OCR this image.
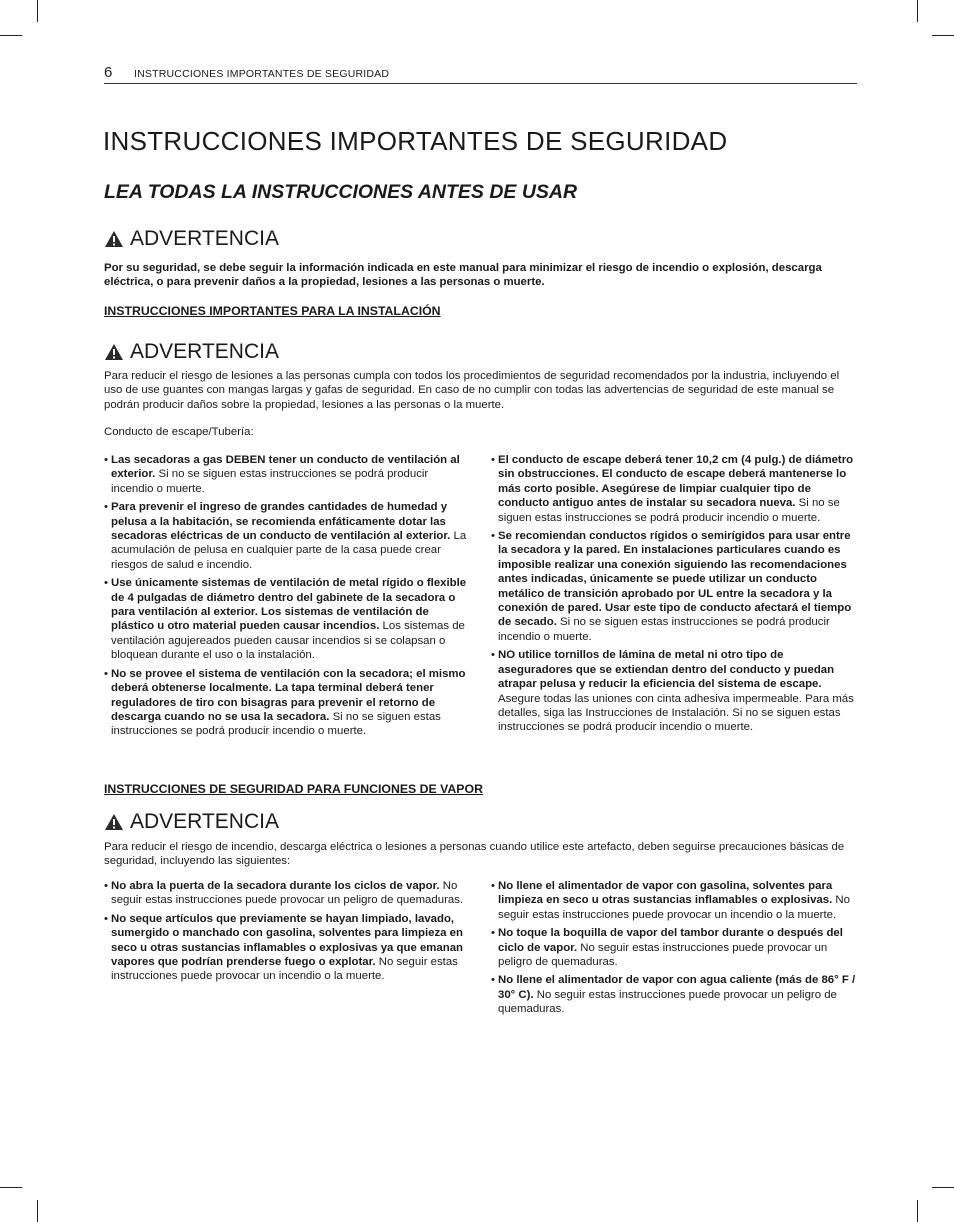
6 INSTRUCCIONES IMPORTANTES DE SEGURIDAD
INSTRUCCIONES IMPORTANTES DE SEGURIDAD
LEA TODAS LA INSTRUCCIONES ANTES DE USAR
ADVERTENCIA

Por su seguridad, se debe seguir la información indicada en este manual para minimizar el riesgo de incendio o explosión, descarga eléctrica, o para prevenir daños a la propiedad, lesiones a las personas o muerte.

INSTRUCCIONES IMPORTANTES PARA LA INSTALACIÓN
ADVERTENCIA

Para reducir el riesgo de lesiones a las personas cumpla con todos los procedimientos de seguridad recomendados por la industria, incluyendo el uso de use guantes con mangas largas y gafas de seguridad. En caso de no cumplir con todas las advertencias de seguridad de este manual se podrán producir daños sobre la propiedad, lesiones a las personas o la muerte.

Conducto de escape/Tubería:

• Las secadoras a gas DEBEN tener un conducto de ventilación al exterior. Si no se siguen estas instrucciones se podrá producir incendio o muerte.
• Para prevenir el ingreso de grandes cantidades de humedad y pelusa a la habitación, se recomienda enfáticamente dotar las secadoras eléctricas de un conducto de ventilación al exterior. La acumulación de pelusa en cualquier parte de la casa puede crear riesgos de salud e incendio.
• Use únicamente sistemas de ventilación de metal rígido o flexible de 4 pulgadas de diámetro dentro del gabinete de la secadora o para ventilación al exterior. Los sistemas de ventilación de plástico u otro material pueden causar incendios. Los sistemas de ventilación agujereados pueden causar incendios si se colapsan o bloquean durante el uso o la instalación.
• No se provee el sistema de ventilación con la secadora; el mismo deberá obtenerse localmente. La tapa terminal deberá tener reguladores de tiro con bisagras para prevenir el retorno de descarga cuando no se usa la secadora. Si no se siguen estas instrucciones se podrá producir incendio o muerte.
• El conducto de escape deberá tener 10,2 cm (4 pulg.) de diámetro sin obstrucciones. El conducto de escape deberá mantenerse lo más corto posible. Asegúrese de limpiar cualquier tipo de conducto antiguo antes de instalar su secadora nueva. Si no se siguen estas instrucciones se podrá producir incendio o muerte.
• Se recomiendan conductos rígidos o semirígidos para usar entre la secadora y la pared. En instalaciones particulares cuando es imposible realizar una conexión siguiendo las recomendaciones antes indicadas, únicamente se puede utilizar un conducto metálico de transición aprobado por UL entre la secadora y la conexión de pared. Usar este tipo de conducto afectará el tiempo de secado. Si no se siguen estas instrucciones se podrá producir incendio o muerte.
• NO utilice tornillos de lámina de metal ni otro tipo de aseguradores que se extiendan dentro del conducto y puedan atrapar pelusa y reducir la eficiencia del sistema de escape. Asegure todas las uniones con cinta adhesiva impermeable. Para más detalles, siga las Instrucciones de Instalación. Si no se siguen estas instrucciones se podrá producir incendio o muerte.
INSTRUCCIONES DE SEGURIDAD PARA FUNCIONES DE VAPOR
ADVERTENCIA

Para reducir el riesgo de incendio, descarga eléctrica o lesiones a personas cuando utilice este artefacto, deben seguirse precauciones básicas de seguridad, incluyendo las siguientes:

• No abra la puerta de la secadora durante los ciclos de vapor. No seguir estas instrucciones puede provocar un peligro de quemaduras.
• No seque artículos que previamente se hayan limpiado, lavado, sumergido o manchado con gasolina, solventes para limpieza en seco u otras sustancias inflamables o explosivas ya que emanan vapores que podrían prenderse fuego o explotar. No seguir estas instrucciones puede provocar un incendio o la muerte.
• No llene el alimentador de vapor con gasolina, solventes para limpieza en seco u otras sustancias inflamables o explosivas. No seguir estas instrucciones puede provocar un incendio o la muerte.
• No toque la boquilla de vapor del tambor durante o después del ciclo de vapor. No seguir estas instrucciones puede provocar un peligro de quemaduras.
• No llene el alimentador de vapor con agua caliente (más de 86° F / 30° C). No seguir estas instrucciones puede provocar un peligro de quemaduras.
